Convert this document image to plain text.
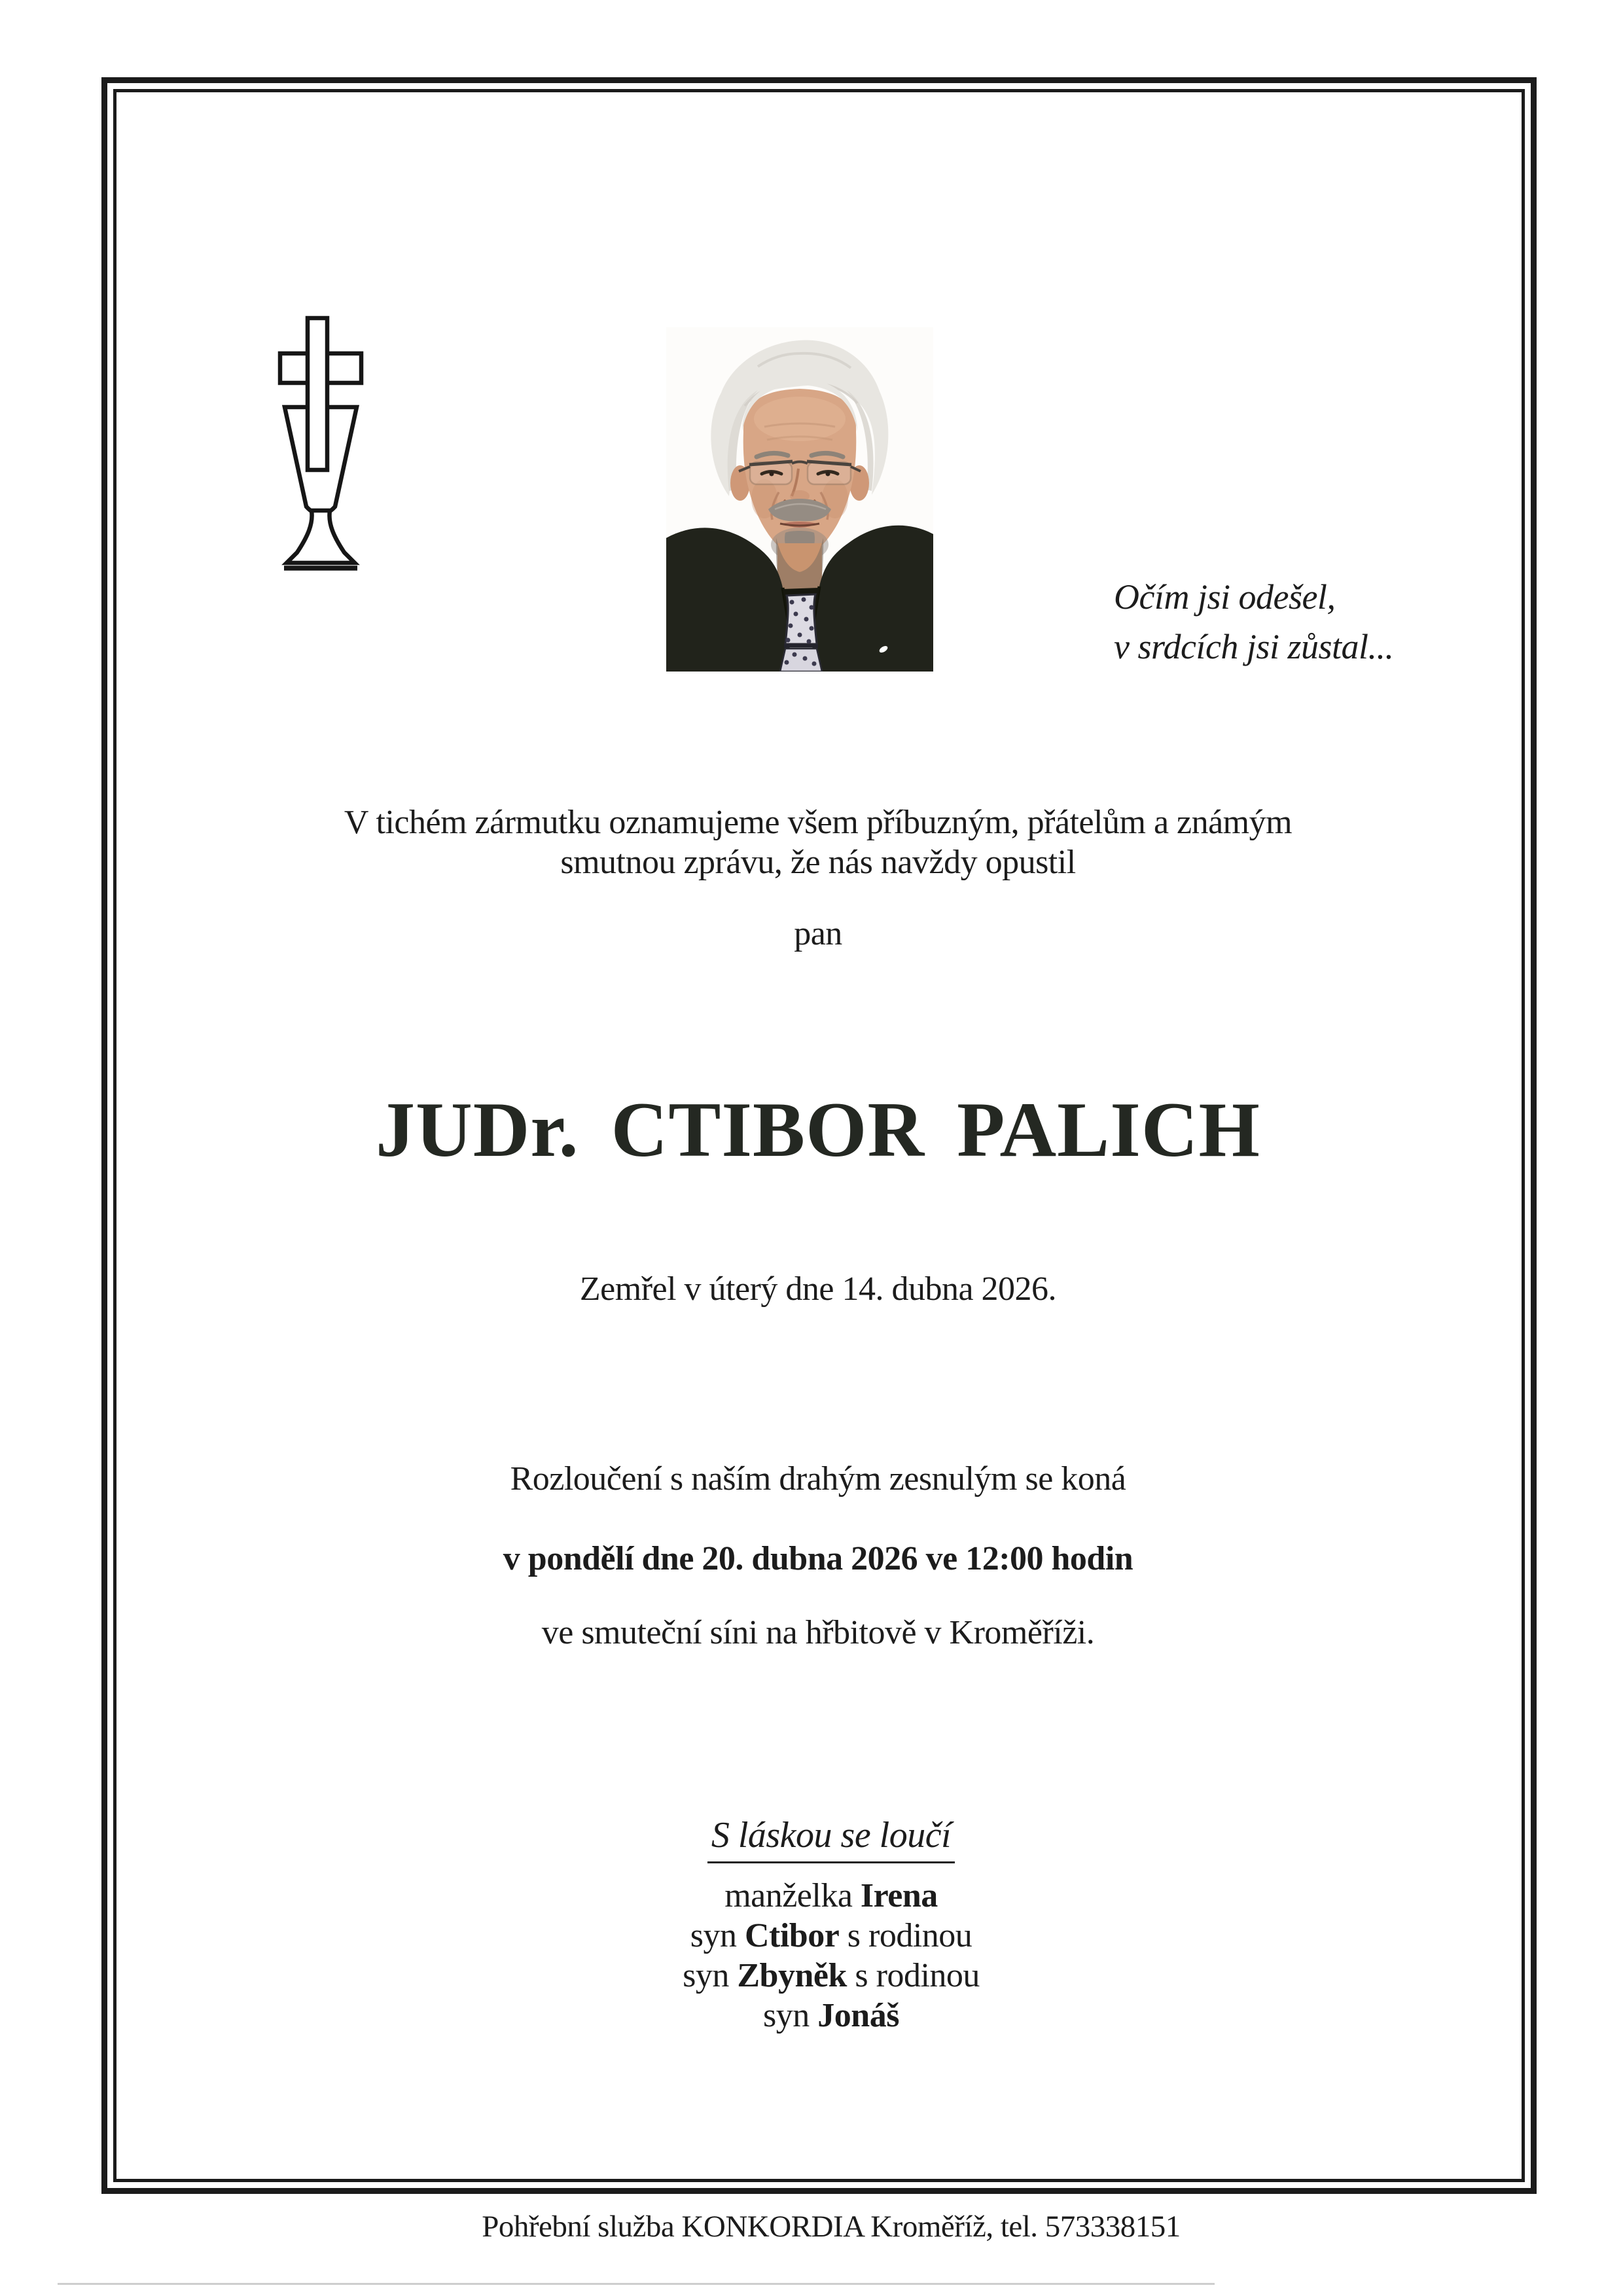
Očím jsi odešel,
v srdcích jsi zůstal...
V tichém zármutku oznamujeme všem příbuzným, přátelům a známým
smutnou zprávu, že nás navždy opustil
pan
JUDr. CTIBOR PALICH
Zemřel v úterý dne 14. dubna 2026.
Rozloučení s naším drahým zesnulým se koná
v pondělí dne 20. dubna 2026 ve 12:00 hodin
ve smuteční síni na hřbitově v Kroměříži.
S láskou se loučí
manželka Irena
syn Ctibor s rodinou
syn Zbyněk s rodinou
syn Jonáš
Pohřební služba KONKORDIA Kroměříž, tel. 573338151
